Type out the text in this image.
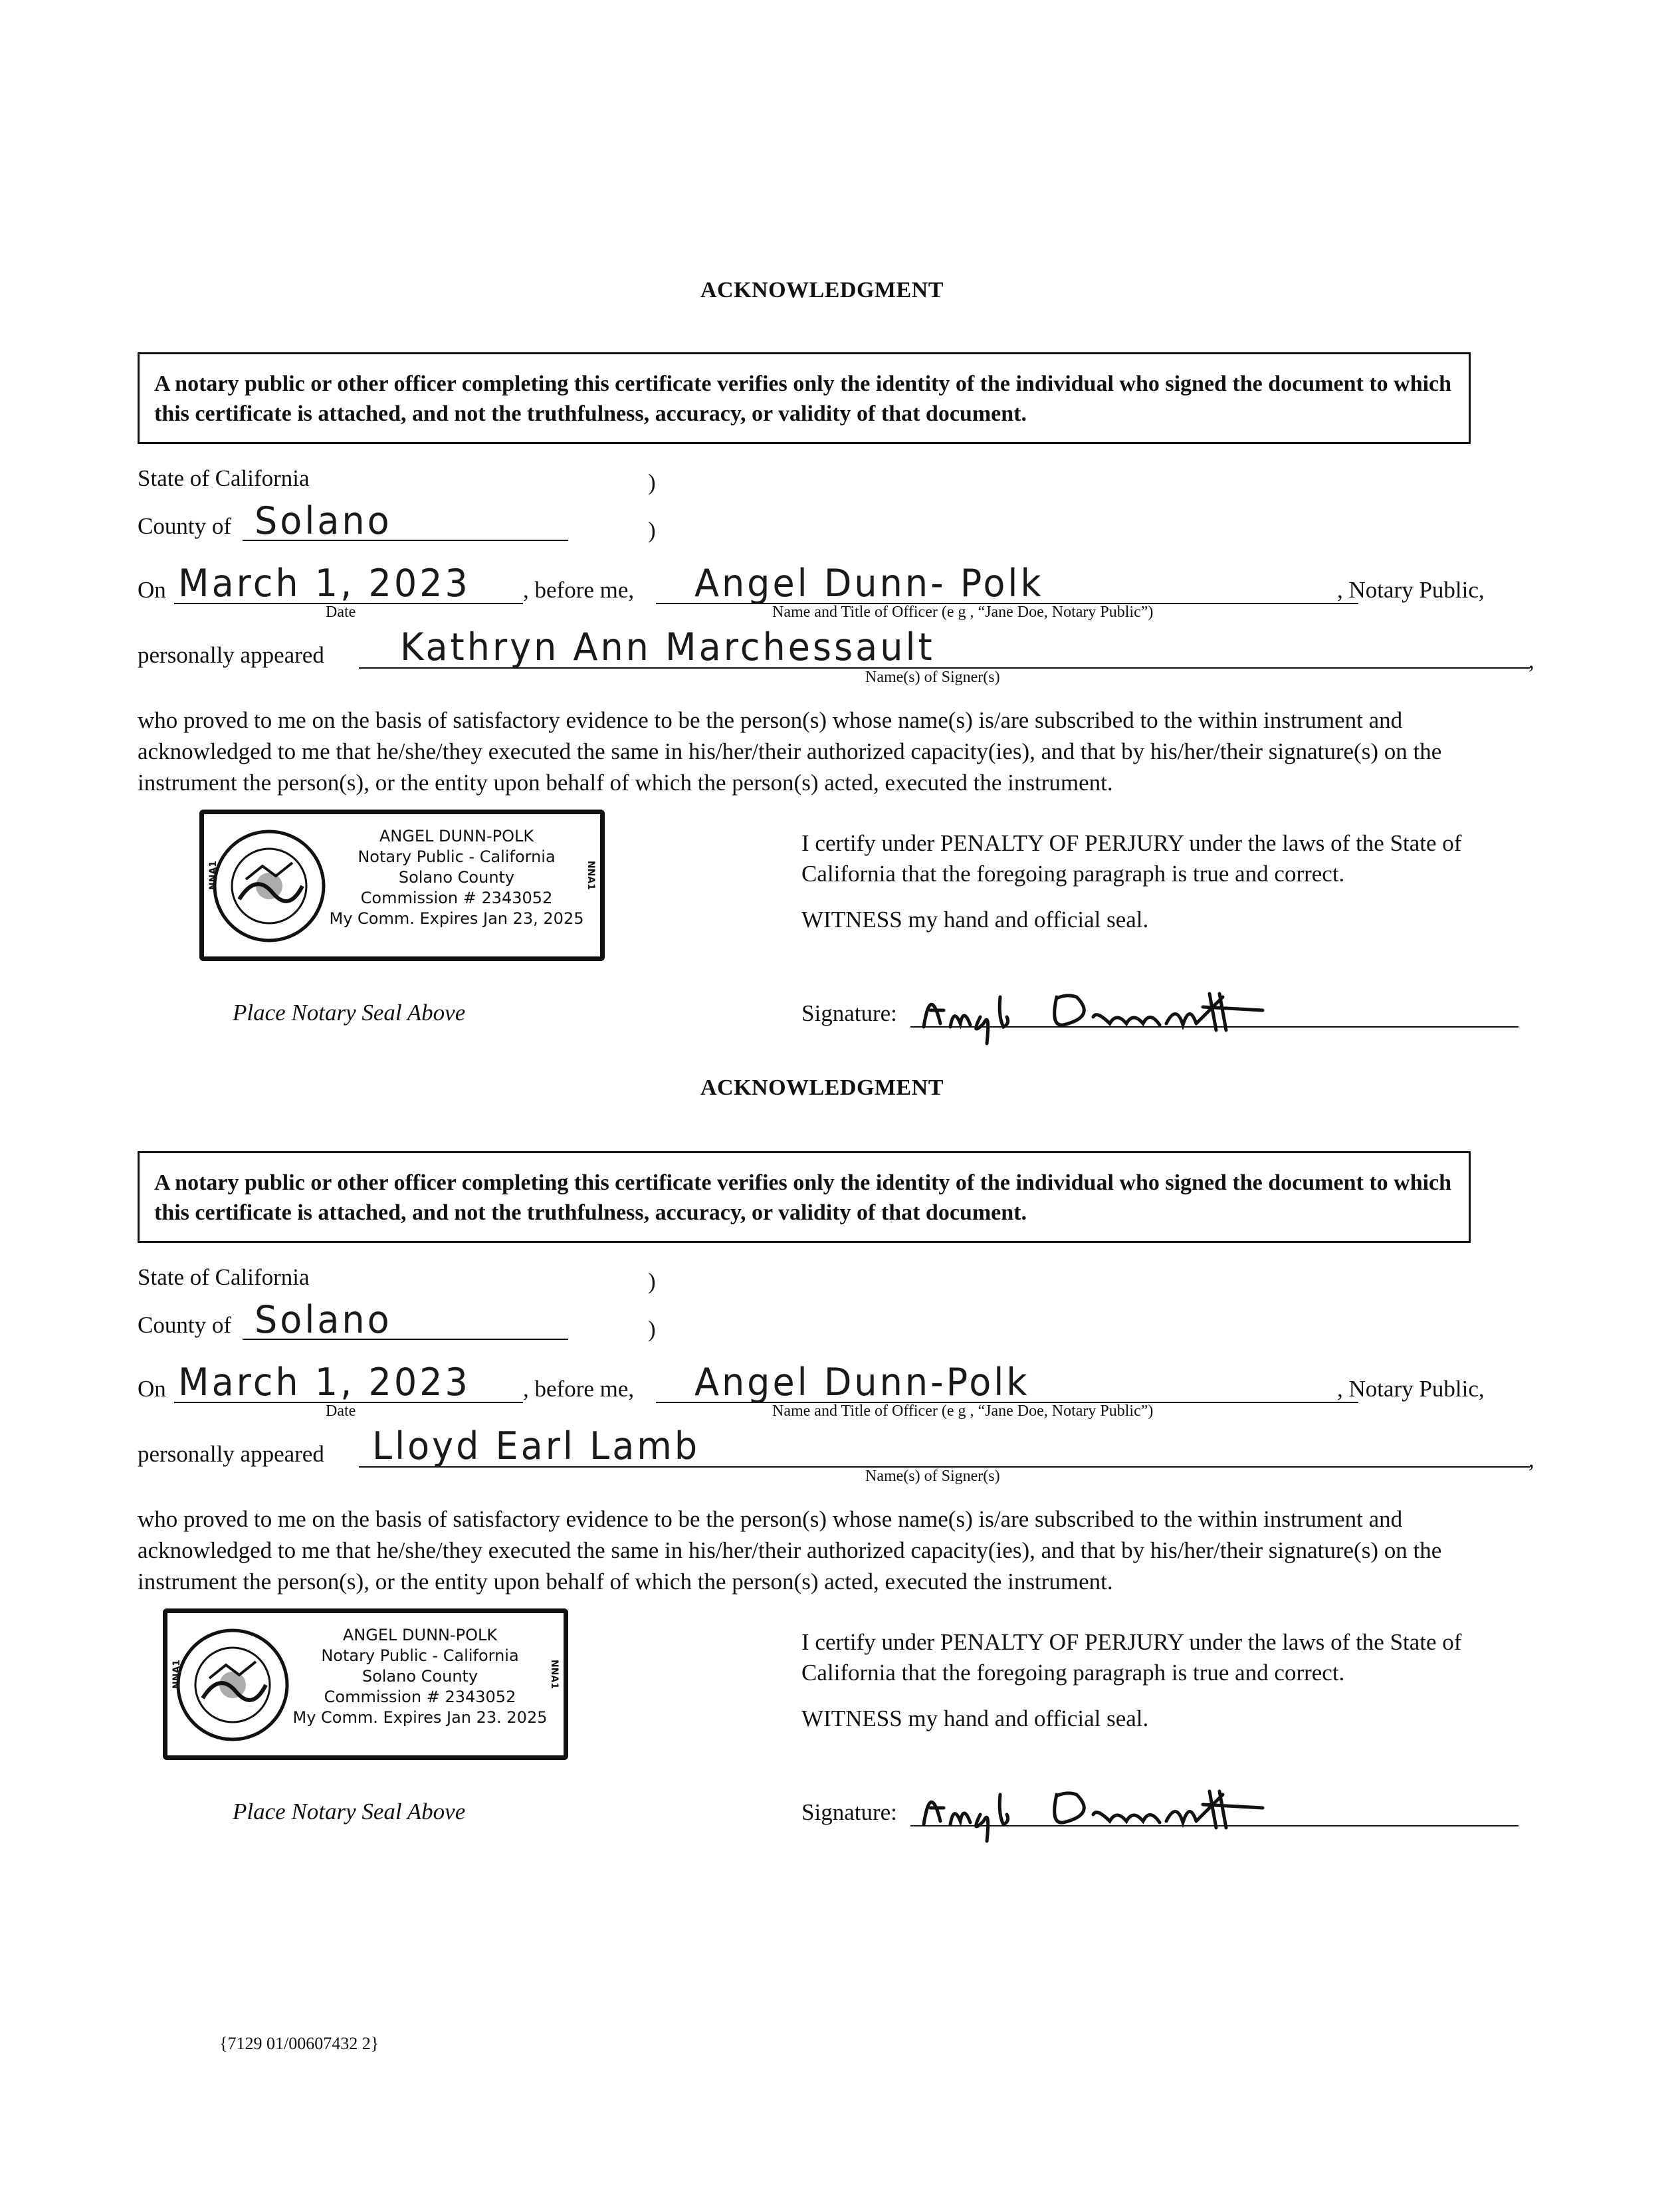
ACKNOWLEDGMENT
A notary public or other officer completing this certificate verifies only the identity of the individual who signed the document to which this certificate is attached, and not the truthfulness, accuracy, or validity of that document.
State of California	)
County of Solano	)
On March 1, 2023
Date
, before me, Angel Dunn- Polk
Name and Title of Officer (e g , “Jane Doe, Notary Public”)
, Notary Public,
personally appeared Kathryn Ann Marchessault
Name(s) of Signer(s)
,
who proved to me on the basis of satisfactory evidence to be the person(s) whose name(s) is/are subscribed to the within instrument and acknowledged to me that he/she/they executed the same in his/her/their authorized capacity(ies), and that by his/her/their signature(s) on the instrument the person(s), or the entity upon behalf of which the person(s) acted, executed the instrument.
ANGEL DUNN-POLK
Notary Public - California
Solano County
Commission # 2343052
My Comm. Expires Jan 23, 2025
NNA1	NNA1
I certify under PENALTY OF PERJURY under the laws of the State of California that the foregoing paragraph is true and correct.
WITNESS my hand and official seal.
Place Notary Seal Above	Signature:
ACKNOWLEDGMENT
A notary public or other officer completing this certificate verifies only the identity of the individual who signed the document to which this certificate is attached, and not the truthfulness, accuracy, or validity of that document.
State of California	)
County of Solano	)
On March 1, 2023
Date
, before me, Angel Dunn-Polk
Name and Title of Officer (e g , “Jane Doe, Notary Public”)
, Notary Public,
personally appeared Lloyd Earl Lamb
Name(s) of Signer(s)
,
who proved to me on the basis of satisfactory evidence to be the person(s) whose name(s) is/are subscribed to the within instrument and acknowledged to me that he/she/they executed the same in his/her/their authorized capacity(ies), and that by his/her/their signature(s) on the instrument the person(s), or the entity upon behalf of which the person(s) acted, executed the instrument.
ANGEL DUNN-POLK
Notary Public - California
Solano County
Commission # 2343052
My Comm. Expires Jan 23. 2025
NNA1	NNA1
I certify under PENALTY OF PERJURY under the laws of the State of California that the foregoing paragraph is true and correct.
WITNESS my hand and official seal.
Place Notary Seal Above	Signature:
{7129 01/00607432 2}
